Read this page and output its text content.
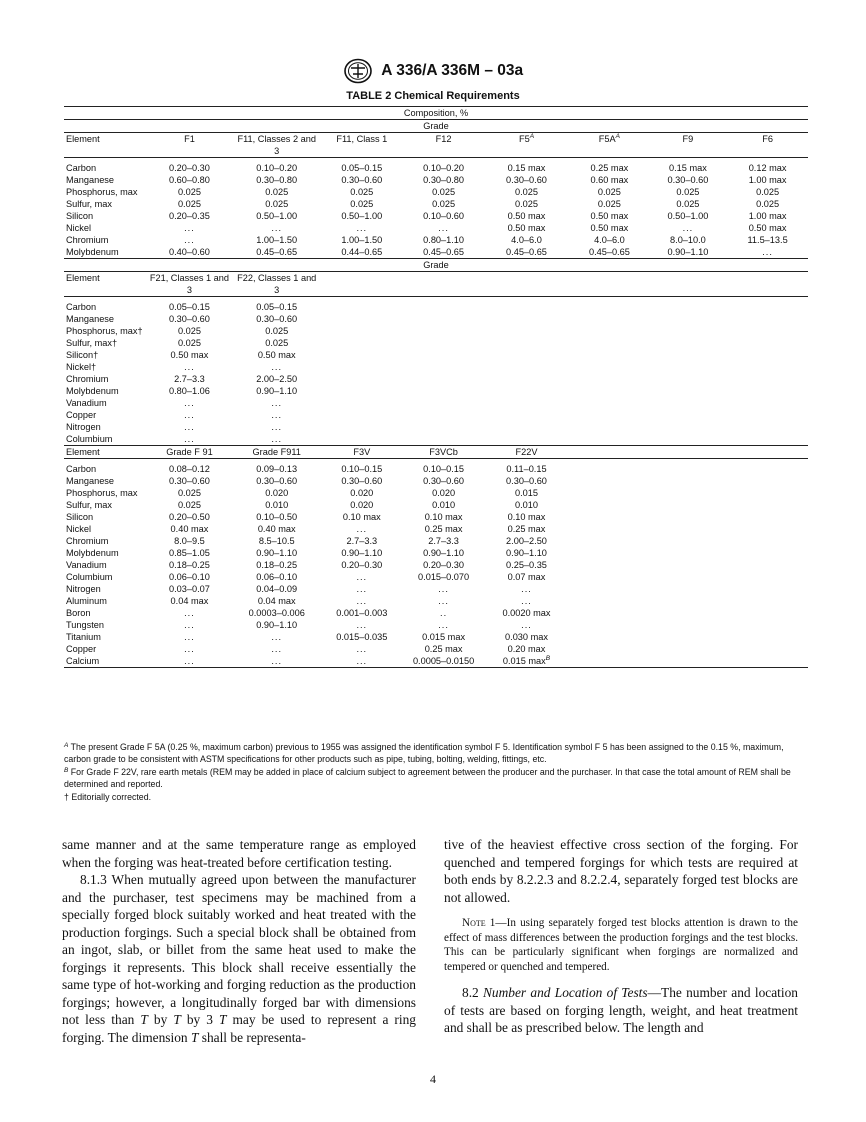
A 336/A 336M – 03a
TABLE 2 Chemical Requirements
Composition, %								
Grade								
Element	F1	F11, Classes 2 and 3	F11, Class 1	F12	$F5^A$	$F5A^A$	F9	F6

Carbon	0.20–0.30	0.10–0.20	0.05–0.15	0.10–0.20	0.15 max	0.25 max	0.15 max	0.12 max
Manganese	0.60–0.80	0.30–0.80	0.30–0.60	0.30–0.80	0.30–0.60	0.60 max	0.30–0.60	1.00 max
Phosphorus, max	0.025	0.025	0.025	0.025	0.025	0.025	0.025	0.025
Sulfur, max	0.025	0.025	0.025	0.025	0.025	0.025	0.025	0.025
Silicon	0.20–0.35	0.50–1.00	0.50–1.00	0.10–0.60	0.50 max	0.50 max	0.50–1.00	1.00 max
Nickel	...	...	...	...	0.50 max	0.50 max	...	0.50 max
Chromium	...	1.00–1.50	1.00–1.50	0.80–1.10	4.0–6.0	4.0–6.0	8.0–10.0	11.5–13.5
Molybdenum	0.40–0.60	0.45–0.65	0.44–0.65	0.45–0.65	0.45–0.65	0.45–0.65	0.90–1.10	...
Grade								
Element	F21, Classes 1 and 3	F22, Classes 1 and 3						

Carbon	0.05–0.15	0.05–0.15						
Manganese	0.30–0.60	0.30–0.60						
Phosphorus, max†	0.025	0.025						
Sulfur, max†	0.025	0.025						
Silicon†	0.50 max	0.50 max						
Nickel†	...	...						
Chromium	2.7–3.3	2.00–2.50						
Molybdenum	0.80–1.06	0.90–1.10						
Vanadium	...	...						
Copper	...	...						
Nitrogen	...	...						
Columbium	...	...						
Element	Grade F 91	Grade F911	F3V	F3VCb	F22V			

Carbon	0.08–0.12	0.09–0.13	0.10–0.15	0.10–0.15	0.11–0.15			
Manganese	0.30–0.60	0.30–0.60	0.30–0.60	0.30–0.60	0.30–0.60			
Phosphorus, max	0.025	0.020	0.020	0.020	0.015			
Sulfur, max	0.025	0.010	0.020	0.010	0.010			
Silicon	0.20–0.50	0.10–0.50	0.10 max	0.10 max	0.10 max			
Nickel	0.40 max	0.40 max	...	0.25 max	0.25 max			
Chromium	8.0–9.5	8.5–10.5	2.7–3.3	2.7–3.3	2.00–2.50			
Molybdenum	0.85–1.05	0.90–1.10	0.90–1.10	0.90–1.10	0.90–1.10			
Vanadium	0.18–0.25	0.18–0.25	0.20–0.30	0.20–0.30	0.25–0.35			
Columbium	0.06–0.10	0.06–0.10	...	0.015–0.070	0.07 max			
Nitrogen	0.03–0.07	0.04–0.09	...	...	...			
Aluminum	0.04 max	0.04 max	...	...	...			
Boron	...	0.0003–0.006	0.001–0.003	..	0.0020 max			
Tungsten	...	0.90–1.10	...	...	...			
Titanium	...	...	0.015–0.035	0.015 max	0.030 max			
Copper	...	...	...	0.25 max	0.20 max			
Calcium	...	...	...	0.0005–0.0150	0.015 $\max^B$			
$^A$ The present Grade F 5A (0.25 %, maximum carbon) previous to 1955 was assigned the identification symbol F 5. Identification symbol F 5 has been assigned to the 0.15 %, maximum, carbon grade to be consistent with ASTM specifications for other products such as pipe, tubing, bolting, welding, fittings, etc.
$^B$ For Grade F 22V, rare earth metals (REM may be added in place of calcium subject to agreement between the producer and the purchaser. In that case the total amount of REM shall be determined and reported.
† Editorially corrected.

same manner and at the same temperature range as employed when the forging was heat-treated before certification testing.

8.1.3 When mutually agreed upon between the manufacturer and the purchaser, test specimens may be machined from a specially forged block suitably worked and heat treated with the production forgings. Such a special block shall be obtained from an ingot, slab, or billet from the same heat used to make the forgings it represents. This block shall receive essentially the same type of hot-working and forging reduction as the production forgings; however, a longitudinally forged bar with dimensions not less than T by T by 3 T may be used to represent a ring forging. The dimension T shall be representa-

tive of the heaviest effective cross section of the forging. For quenched and tempered forgings for which tests are required at both ends by 8.2.2.3 and 8.2.2.4, separately forged test blocks are not allowed.

Note 1—In using separately forged test blocks attention is drawn to the effect of mass differences between the production forgings and the test blocks. This can be particularly significant when forgings are normalized and tempered or quenched and tempered.

8.2 Number and Location of Tests—The number and location of tests are based on forging length, weight, and heat treatment and shall be as prescribed below. The length and

4
